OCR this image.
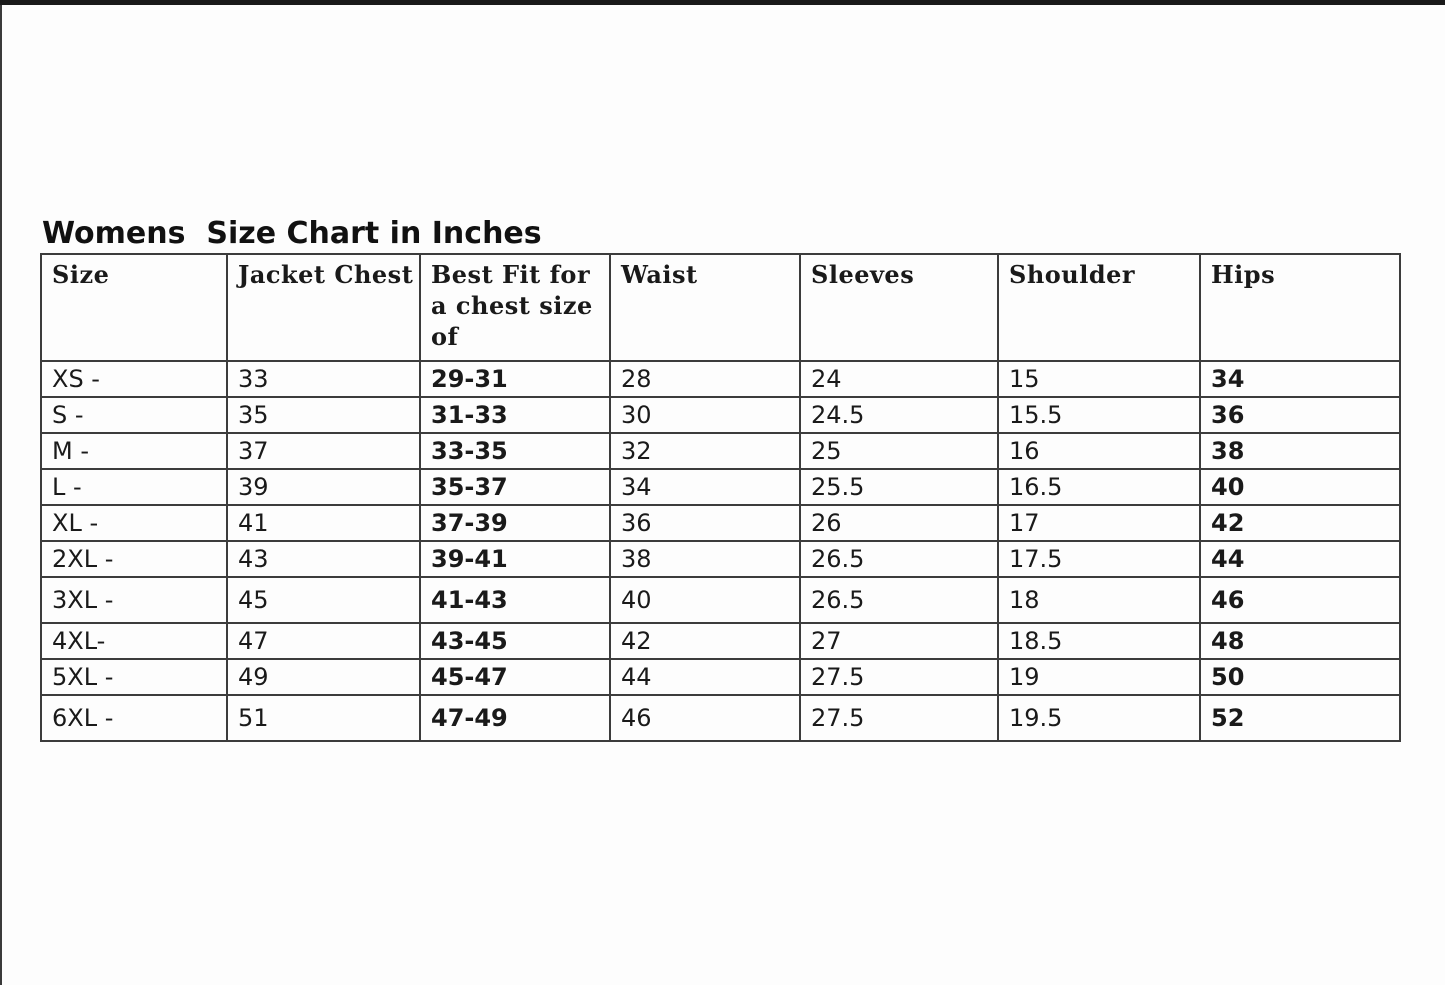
Womens  Size Chart in Inches
Size	Jacket Chest	Best Fit for a chest size of	Waist	Sleeves	Shoulder	Hips
XS -	33	29-31	28	24	15	34
S -	35	31-33	30	24.5	15.5	36
M -	37	33-35	32	25	16	38
L -	39	35-37	34	25.5	16.5	40
XL -	41	37-39	36	26	17	42
2XL -	43	39-41	38	26.5	17.5	44
3XL -	45	41-43	40	26.5	18	46
4XL-	47	43-45	42	27	18.5	48
5XL -	49	45-47	44	27.5	19	50
6XL -	51	47-49	46	27.5	19.5	52
